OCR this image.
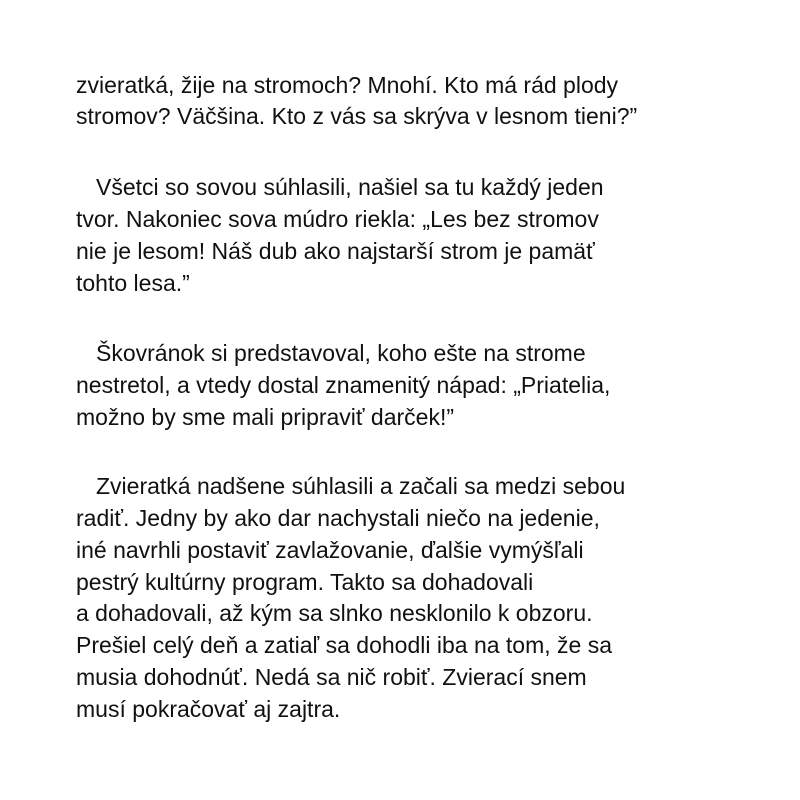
zvieratká, žije na stromoch? Mnohí. Kto má rád plody
stromov? Väčšina. Kto z vás sa skrýva v lesnom tieni?”
Všetci so sovou súhlasili, našiel sa tu každý jeden
tvor. Nakoniec sova múdro riekla: „Les bez stromov
nie je lesom! Náš dub ako najstarší strom je pamäť
tohto lesa.”
Škovránok si predstavoval, koho ešte na strome
nestretol, a vtedy dostal znamenitý nápad: „Priatelia,
možno by sme mali pripraviť darček!”
Zvieratká nadšene súhlasili a začali sa medzi sebou
radiť. Jedny by ako dar nachystali niečo na jedenie,
iné navrhli postaviť zavlažovanie, ďalšie vymýšľali
pestrý kultúrny program. Takto sa dohadovali
a dohadovali, až kým sa slnko nesklonilo k obzoru.
Prešiel celý deň a zatiaľ sa dohodli iba na tom, že sa
musia dohodnúť. Nedá sa nič robiť. Zvierací snem
musí pokračovať aj zajtra.
